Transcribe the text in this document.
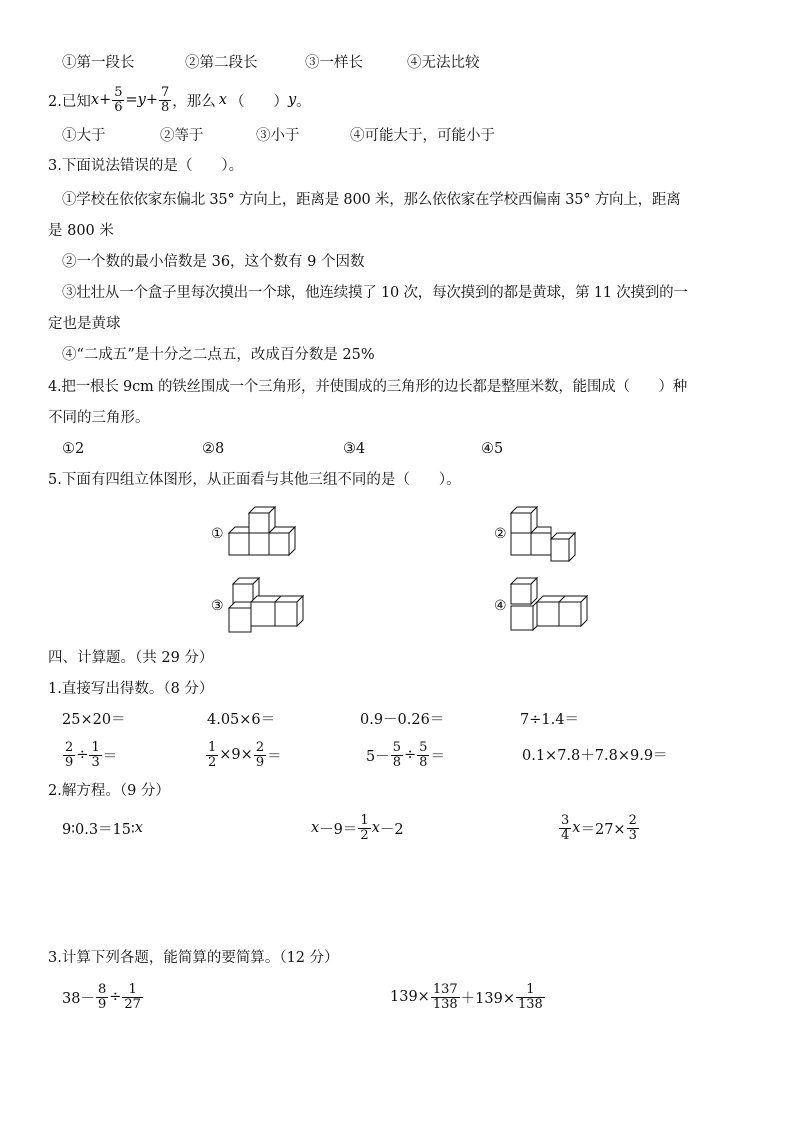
①第一段长	②第二段长	③一样长	④无法比较
2.已知 $x + \frac{5}{6} = y + \frac{7}{8}$ ，那么 x （　　） y 。
①大于	②等于	③小于	④可能大于，可能小于
3.下面说法错误的是（　　）。
①学校在依依家东偏北 35° 方向上，距离是 800 米，那么依依家在学校西偏南 35° 方向上，距离
是 800 米
②一个数的最小倍数是 36，这个数有 9 个因数
③壮壮从一个盒子里每次摸出一个球，他连续摸了 10 次，每次摸到的都是黄球，第 11 次摸到的一
定也是黄球
④“二成五”是十分之二点五，改成百分数是 25%
4.把一根长 9cm 的铁丝围成一个三角形，并使围成的三角形的边长都是整厘米数，能围成（　　）种
不同的三角形。
①2	②8	③4	④5
5.下面有四组立体图形，从正面看与其他三组不同的是（　　）。
①	②
③	④
四、计算题。（共 29 分）
1.直接写出得数。（8 分）
25×20＝	4.05×6＝	0.9－0.26＝	7÷1.4＝
$\frac{2}{9} \div \frac{1}{3}$ ＝	$\frac{1}{2} \times 9\times \frac{2}{9}$ ＝	$5- \frac{5}{8} \div \frac{5}{8}$ ＝	0.1×7.8＋7.8×9.9＝
2.解方程。（9 分）
9∶0.3＝15∶ x	$x -9= \frac{1}{2}$ x －2	$\frac{3}{4}$ $x =27\times \frac{2}{3}$
3.计算下列各题，能简算的要简算。（12 分）
$38- \frac{8}{9} \div \frac{1}{27}$	$139\times \frac{137}{138} +139\times \frac{1}{138}$
